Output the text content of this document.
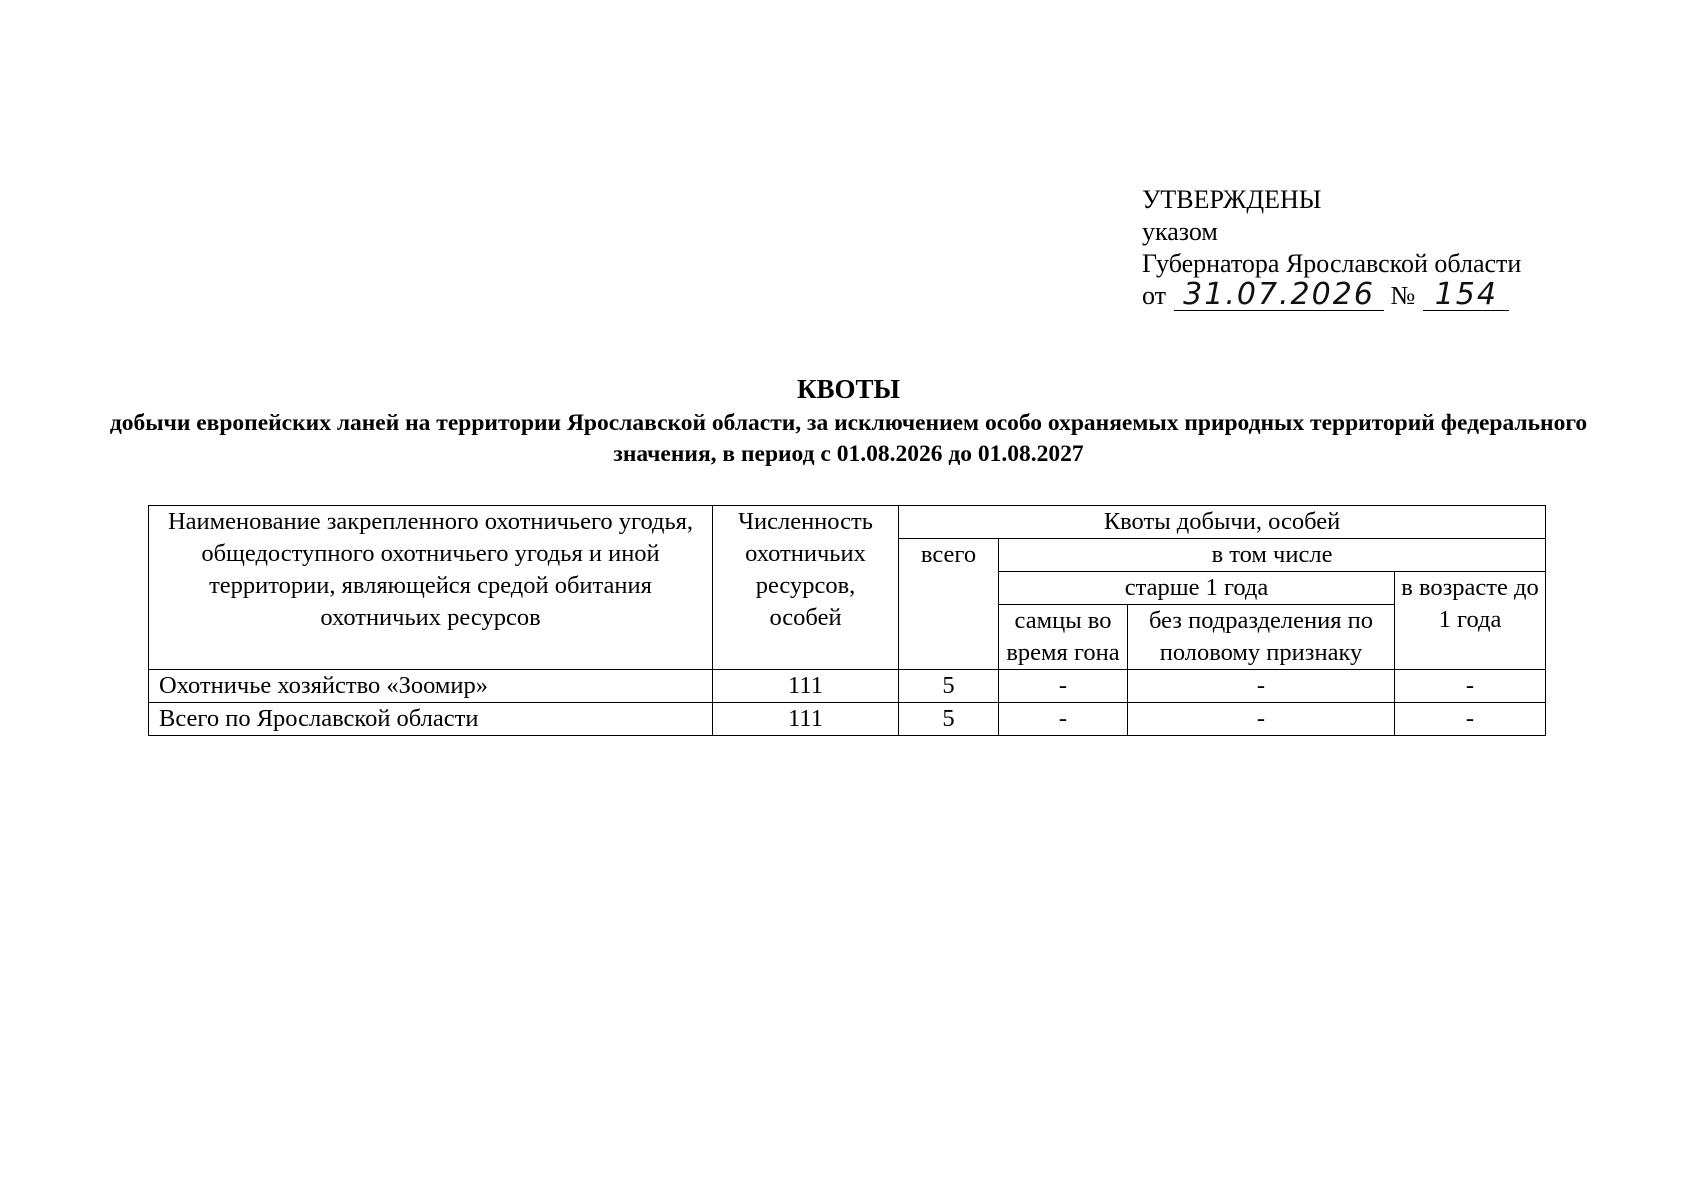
УТВЕРЖДЕНЫ
указом
Губернатора Ярославской области
от 31.07.2026 № 154
КВОТЫ
добычи европейских ланей на территории Ярославской области, за исключением особо охраняемых природных территорий федерального значения, в период с 01.08.2026 до 01.08.2027
Наименование закрепленного охотничьего угодья, общедоступного охотничьего угодья и иной территории, являющейся средой обитания охотничьих ресурсов	Численность охотничьих ресурсов, особей	Квоты добычи, особей			
		всего	в том числе		
			старше 1 года		в возрасте до 1 года
			самцы во время гона	без подразделения по половому признаку	
Охотничье хозяйство «Зоомир»	111	5	-	-	-
Всего по Ярославской области	111	5	-	-	-
